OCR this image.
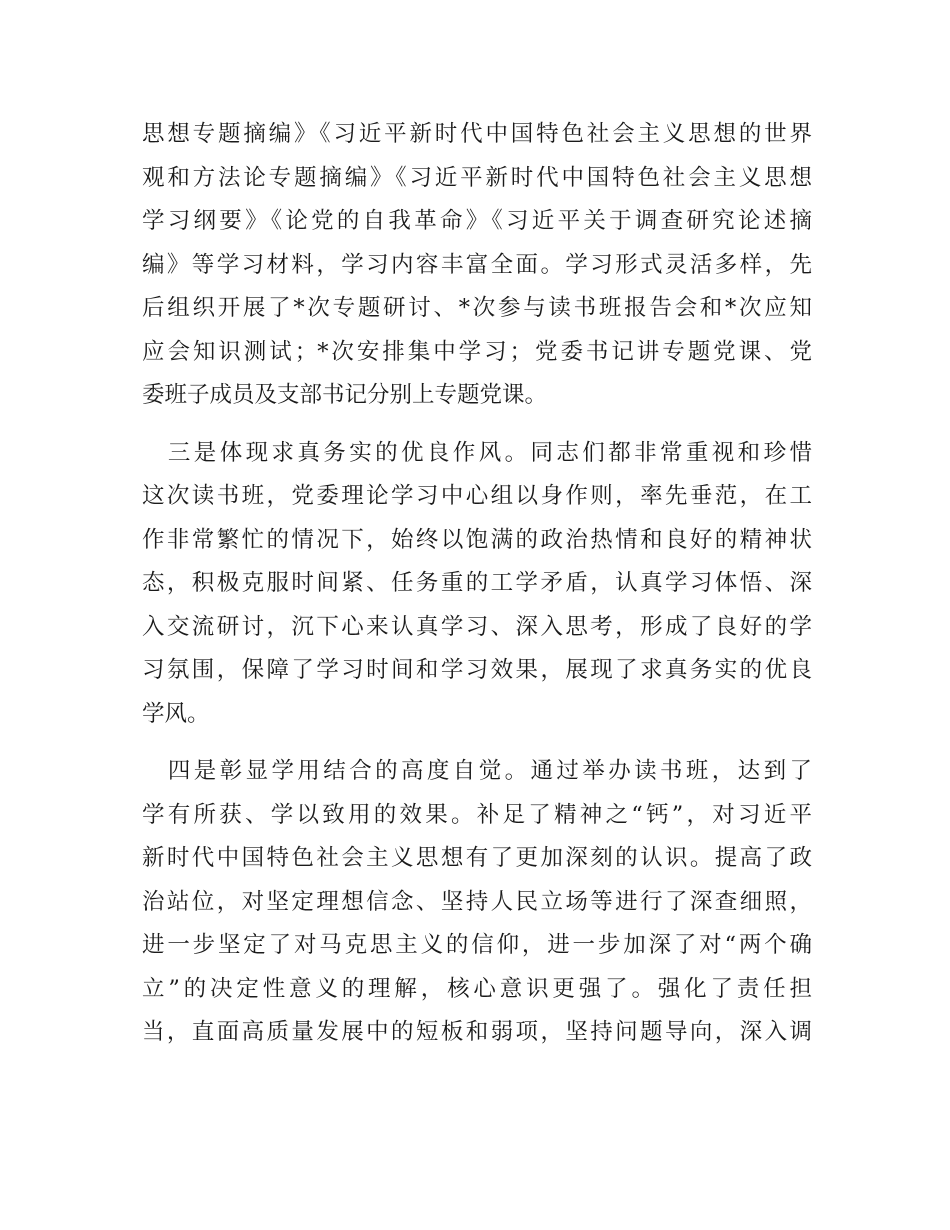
思想专题摘编》《习近平新时代中国特色社会主义思想的世界
观和方法论专题摘编》《习近平新时代中国特色社会主义思想
学习纲要》《论党的自我革命》《习近平关于调查研究论述摘
编》等学习材料，学习内容丰富全面。学习形式灵活多样，先
后组织开展了*次专题研讨、*次参与读书班报告会和*次应知
应会知识测试；*次安排集中学习；党委书记讲专题党课、党
委班子成员及支部书记分别上专题党课。
　三是体现求真务实的优良作风。同志们都非常重视和珍惜
这次读书班，党委理论学习中心组以身作则，率先垂范，在工
作非常繁忙的情况下，始终以饱满的政治热情和良好的精神状
态，积极克服时间紧、任务重的工学矛盾，认真学习体悟、深
入交流研讨，沉下心来认真学习、深入思考，形成了良好的学
习氛围，保障了学习时间和学习效果，展现了求真务实的优良
学风。
　四是彰显学用结合的高度自觉。通过举办读书班，达到了
学有所获、学以致用的效果。补足了精神之“钙”，对习近平
新时代中国特色社会主义思想有了更加深刻的认识。提高了政
治站位，对坚定理想信念、坚持人民立场等进行了深查细照，
进一步坚定了对马克思主义的信仰，进一步加深了对“两个确
立”的决定性意义的理解，核心意识更强了。强化了责任担
当，直面高质量发展中的短板和弱项，坚持问题导向，深入调
